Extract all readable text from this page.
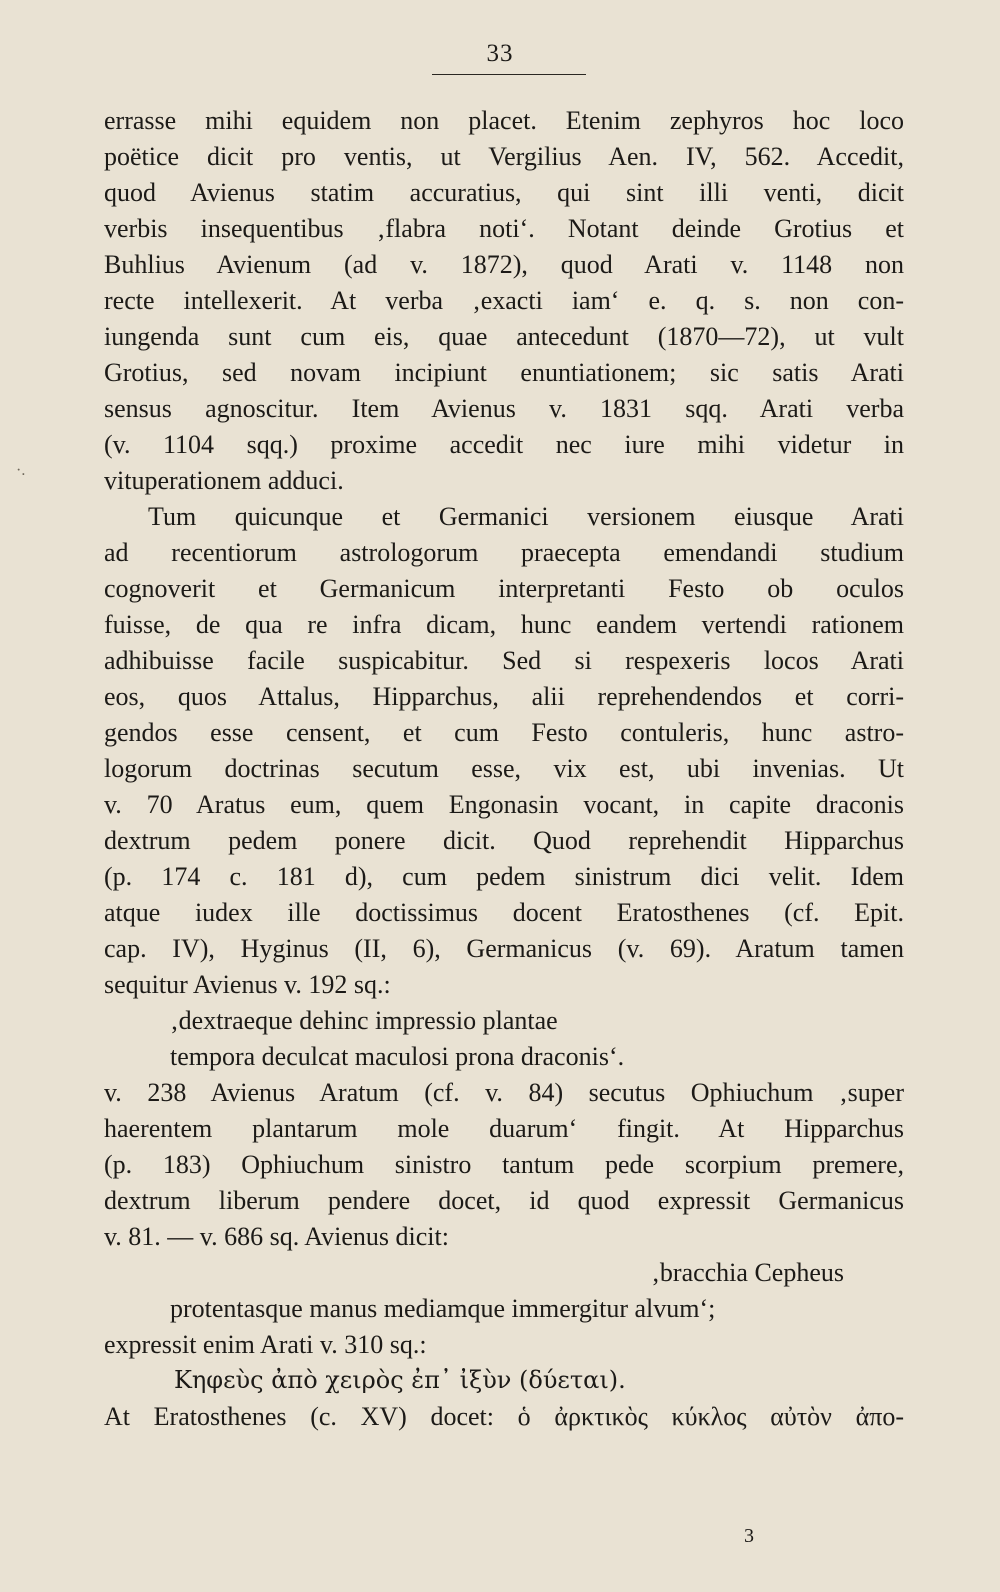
33
·.
errasse mihi equidem non placet. Etenim zephyros hoc loco
poëtice dicit pro ventis, ut Vergilius Aen. IV, 562. Accedit,
quod Avienus statim accuratius, qui sint illi venti, dicit
verbis insequentibus ‚flabra noti‘. Notant deinde Grotius et
Buhlius Avienum (ad v. 1872), quod Arati v. 1148 non
recte intellexerit. At verba ‚exacti iam‘ e. q. s. non con-
iungenda sunt cum eis, quae antecedunt (1870—72), ut vult
Grotius, sed novam incipiunt enuntiationem; sic satis Arati
sensus agnoscitur. Item Avienus v. 1831 sqq. Arati verba
(v. 1104 sqq.) proxime accedit nec iure mihi videtur in
vituperationem adduci.
Tum quicunque et Germanici versionem eiusque Arati
ad recentiorum astrologorum praecepta emendandi studium
cognoverit et Germanicum interpretanti Festo ob oculos
fuisse, de qua re infra dicam, hunc eandem vertendi rationem
adhibuisse facile suspicabitur. Sed si respexeris locos Arati
eos, quos Attalus, Hipparchus, alii reprehendendos et corri-
gendos esse censent, et cum Festo contuleris, hunc astro-
logorum doctrinas secutum esse, vix est, ubi invenias. Ut
v. 70 Aratus eum, quem Engonasin vocant, in capite draconis
dextrum pedem ponere dicit. Quod reprehendit Hipparchus
(p. 174 c. 181 d), cum pedem sinistrum dici velit. Idem
atque iudex ille doctissimus docent Eratosthenes (cf. Epit.
cap. IV), Hyginus (II, 6), Germanicus (v. 69). Aratum tamen
sequitur Avienus v. 192 sq.:
‚dextraeque dehinc impressio plantae
tempora deculcat maculosi prona draconis‘.
v. 238 Avienus Aratum (cf. v. 84) secutus Ophiuchum ‚super
haerentem plantarum mole duarum‘ fingit. At Hipparchus
(p. 183) Ophiuchum sinistro tantum pede scorpium premere,
dextrum liberum pendere docet, id quod expressit Germanicus
v. 81. — v. 686 sq. Avienus dicit:
‚bracchia Cepheus
protentasque manus mediamque immergitur alvum‘;
expressit enim Arati v. 310 sq.:
Κηφεὺς ἀπὸ χειρὸς ἐπ᾽ ἰξὺν (δύεται).
At Eratosthenes (c. XV) docet: ὁ ἀρκτικὸς κύκλος αὐτὸν ἀπο-
3
